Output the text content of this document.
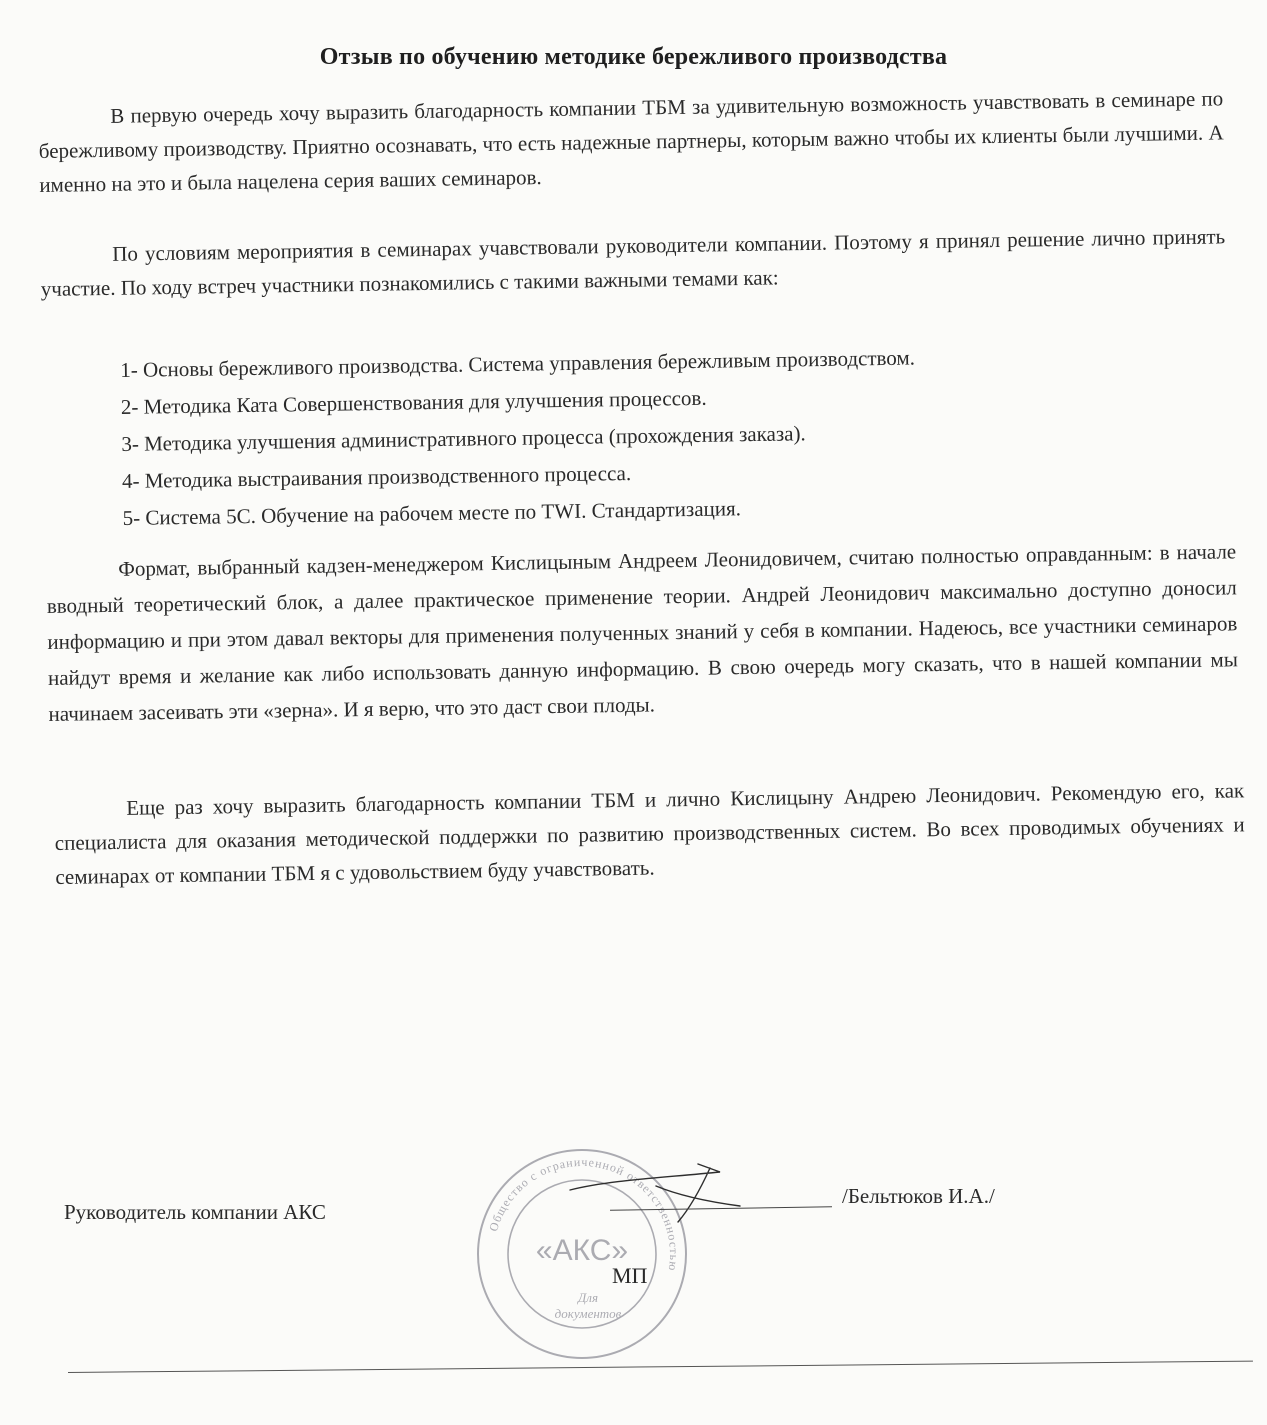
Отзыв по обучению методике бережливого производства

В первую очередь хочу выразить благодарность компании ТБМ за удивительную возможность учавствовать в семинаре по бережливому производству. Приятно осознавать, что есть надежные партнеры, которым важно чтобы их клиенты были лучшими. А именно на это и была нацелена серия ваших семинаров.

По условиям мероприятия в семинарах учавствовали руководители компании. Поэтому я принял решение лично принять участие. По ходу встреч участники познакомились с такими важными темами как:

1- Основы бережливого производства. Система управления бережливым производством.
2- Методика Ката Совершенствования для улучшения процессов.
3- Методика улучшения административного процесса (прохождения заказа).
4- Методика выстраивания производственного процесса.
5- Система 5С. Обучение на рабочем месте по TWI. Стандартизация.

Формат, выбранный кадзен-менеджером Кислицыным Андреем Леонидовичем, считаю полностью оправданным: в начале вводный теоретический блок, а далее практическое применение теории. Андрей Леонидович максимально доступно доносил информацию и при этом давал векторы для применения полученных знаний у себя в компании. Надеюсь, все участники семинаров найдут время и желание как либо использовать данную информацию. В свою очередь могу сказать, что в нашей компании мы начинаем засеивать эти «зерна». И я верю, что это даст свои плоды.

Еще раз хочу выразить благодарность компании ТБМ и лично Кислицыну Андрею Леонидович. Рекомендую его, как специалиста для оказания методической поддержки по развитию производственных систем. Во всех проводимых обучениях и семинарах от компании ТБМ я с удовольствием буду учавствовать.

Общество с ограниченной ответственностью
«АКС»
Для
документов
Руководитель компании АКС
/Бельтюков И.А./
МП
